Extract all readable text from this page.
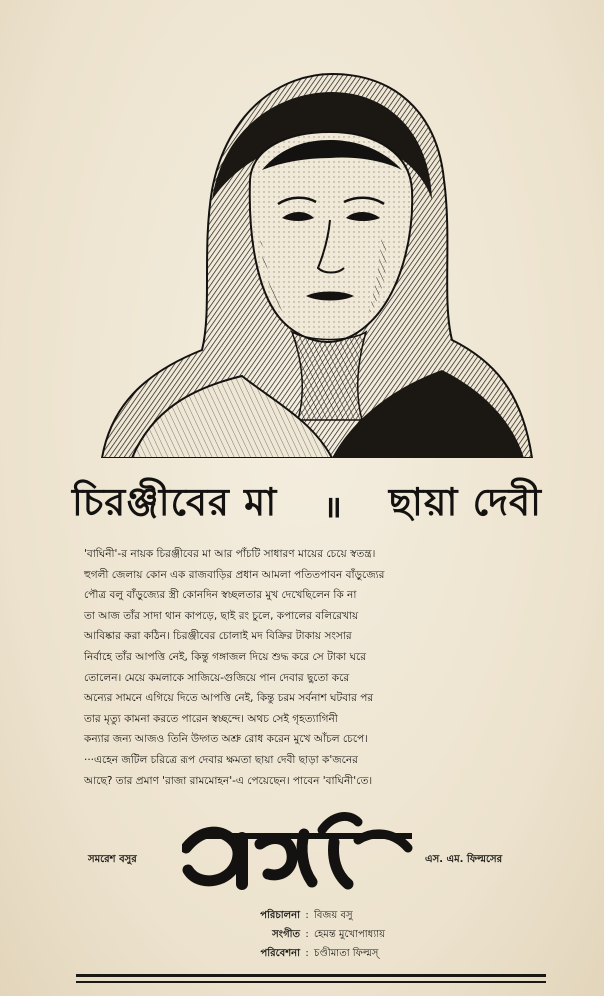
চিরঞ্জীবের মা ॥ ছায়া দেবী

'বাঘিনী'-র নায়ক চিরঞ্জীবের মা আর পাঁচটি সাধারণ মায়ের চেয়ে স্বতন্ত্র।

হুগলী জেলায় কোন এক রাজবাড়ির প্রধান আমলা পতিতপাবন বাঁড়ুজ্যের

পৌত্র বলু বাঁড়ুজ্যের স্ত্রী কোনদিন স্বচ্ছলতার মুখ দেখেছিলেন কি না

তা আজ তাঁর সাদা থান কাপড়ে, ছাই রং চুলে, কপালের বলিরেখায়

আবিষ্কার করা কঠিন। চিরঞ্জীবের চোলাই মদ বিক্রির টাকায় সংসার

নির্বাহে তাঁর আপত্তি নেই, কিন্তু গঙ্গাজল দিয়ে শুদ্ধ করে সে টাকা ঘরে

তোলেন। মেয়ে কমলাকে সাজিয়ে-গুজিয়ে পান দেবার ছুতো করে

অন্যের সামনে এগিয়ে দিতে আপত্তি নেই, কিন্তু চরম সর্বনাশ ঘটবার পর

তার মৃত্যু কামনা করতে পারেন স্বচ্ছন্দে। অথচ সেই গৃহত্যাগিনী

কন্যার জন্য আজও তিনি উদ্গত অশ্রু রোধ করেন মুখে আঁচল চেপে।

···এহেন জটিল চরিত্রে রূপ দেবার ক্ষমতা ছায়া দেবী ছাড়া ক'জনের

আছে? তার প্রমাণ 'রাজা রামমোহন'-এ পেয়েছেন। পাবেন 'বাঘিনী'তে।

সমরেশ বসুর	এস. এম. ফিল্মসের
পরিচালনা : বিজয় বসু
সংগীত : হেমন্ত মুখোপাধ্যায়
পরিবেশনা : চণ্ডীমাতা ফিল্মস্
